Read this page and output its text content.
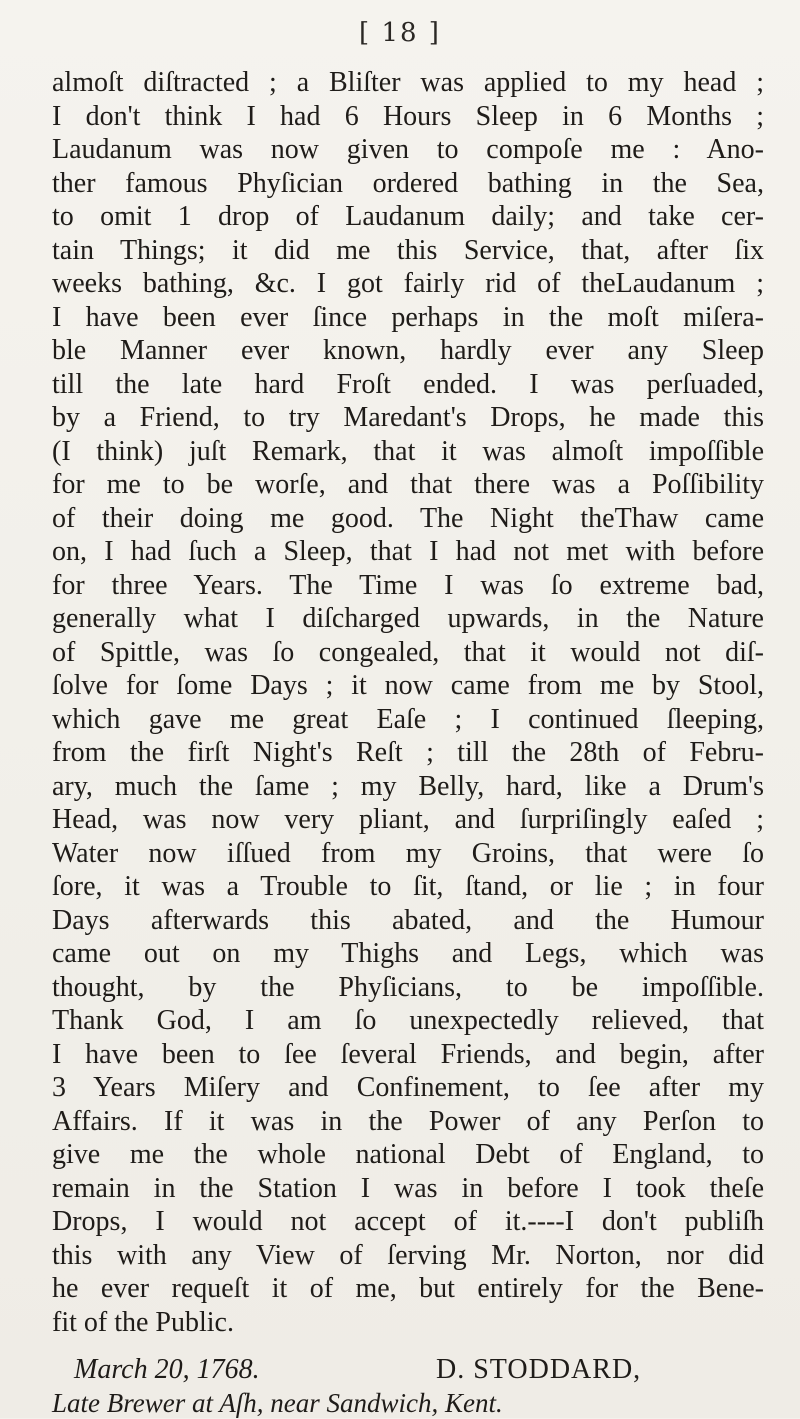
[ 18 ]
almoſt diſtracted ; a Bliſter was applied to my head ;
I don't think I had 6 Hours Sleep in 6 Months ;
Laudanum was now given to compoſe me : Ano-
ther famous Phyſician ordered bathing in the Sea,
to omit 1 drop of Laudanum daily; and take cer-
tain Things; it did me this Service, that, after ſix
weeks bathing, &c. I got fairly rid of theLaudanum ;
I have been ever ſince perhaps in the moſt miſera-
ble Manner ever known, hardly ever any Sleep
till the late hard Froſt ended. I was perſuaded,
by a Friend, to try Maredant's Drops, he made this
(I think) juſt Remark, that it was almoſt impoſſible
for me to be worſe, and that there was a Poſſibility
of their doing me good. The Night theThaw came
on, I had ſuch a Sleep, that I had not met with before
for three Years. The Time I was ſo extreme bad,
generally what I diſcharged upwards, in the Nature
of Spittle, was ſo congealed, that it would not diſ-
ſolve for ſome Days ; it now came from me by Stool,
which gave me great Eaſe ; I continued ſleeping,
from the firſt Night's Reſt ; till the 28th of Febru-
ary, much the ſame ; my Belly, hard, like a Drum's
Head, was now very pliant, and ſurpriſingly eaſed ;
Water now iſſued from my Groins, that were ſo
ſore, it was a Trouble to ſit, ſtand, or lie ; in four
Days afterwards this abated, and the Humour
came out on my Thighs and Legs, which was
thought, by the Phyſicians, to be impoſſible.
Thank God, I am ſo unexpectedly relieved, that
I have been to ſee ſeveral Friends, and begin, after
3 Years Miſery and Confinement, to ſee after my
Affairs. If it was in the Power of any Perſon to
give me the whole national Debt of England, to
remain in the Station I was in before I took theſe
Drops, I would not accept of it.----I don't publiſh
this with any View of ſerving Mr. Norton, nor did
he ever requeſt it of me, but entirely for the Bene-
fit of the Public.
March 20, 1768.	D. STODDARD,
Late Brewer at Aſh, near Sandwich, Kent.
